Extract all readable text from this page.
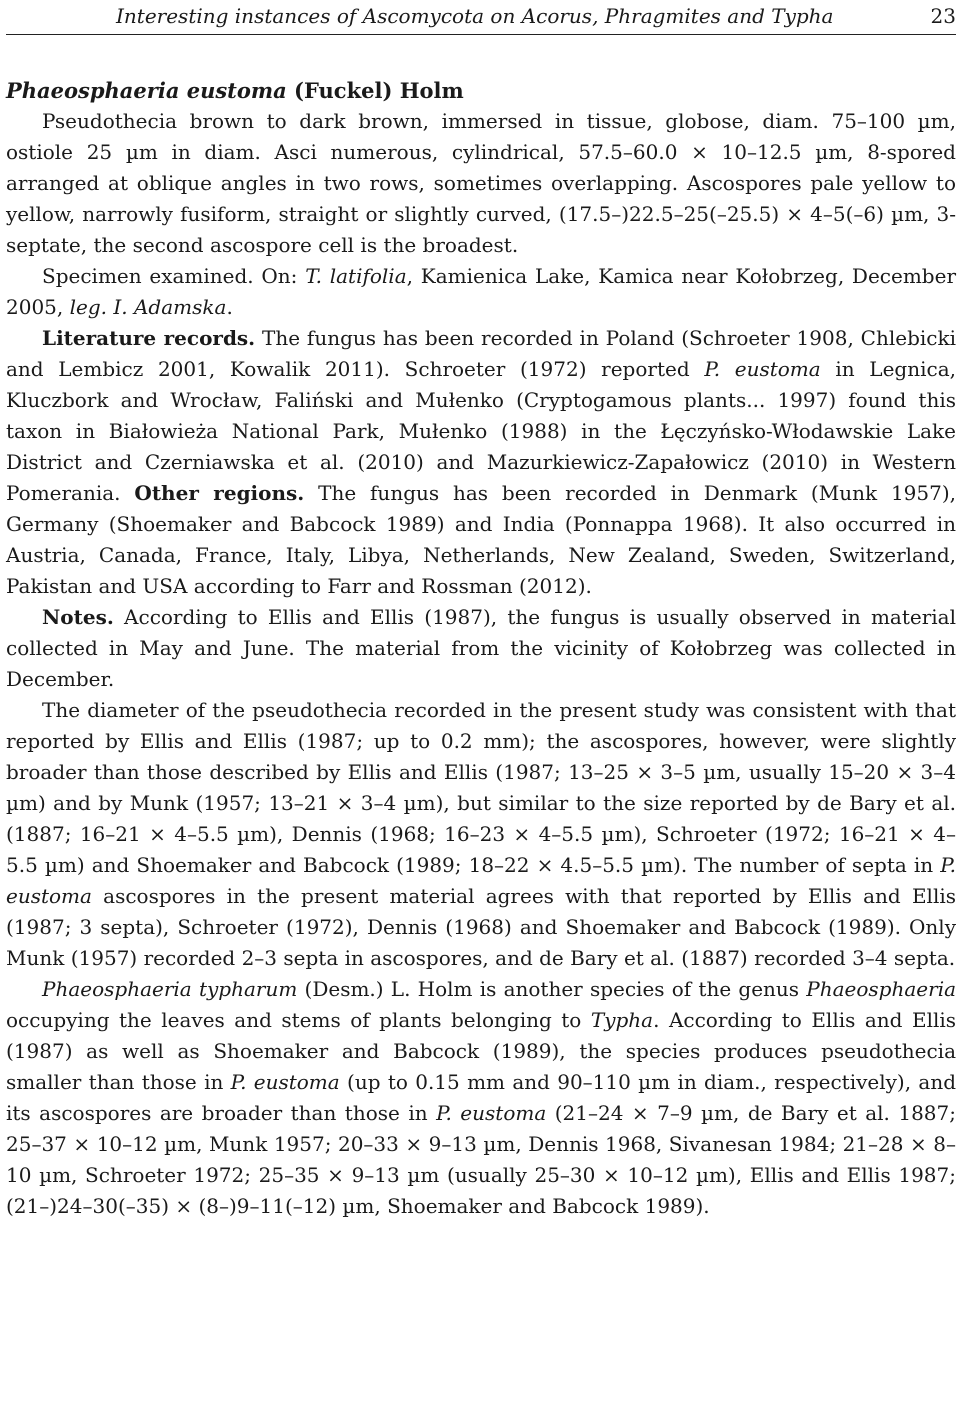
Interesting instances of Ascomycota on Acorus, Phragmites and Typha	23
Phaeosphaeria eustoma (Fuckel) Holm

Pseudothecia brown to dark brown, immersed in tissue, globose, diam. 75–100 µm, ostiole 25 µm in diam. Asci numerous, cylindrical, 57.5–60.0 × 10–12.5 µm, 8-spored arranged at oblique angles in two rows, sometimes overlapping. Ascospores pale yellow to yellow, narrowly fusiform, straight or slightly curved, (17.5–)22.5–25(–25.5) × 4–5(–6) µm, 3-septate, the second ascospore cell is the broadest.

Specimen examined. On: T. latifolia, Kamienica Lake, Kamica near Kołobrzeg, December 2005, leg. I. Adamska.

Literature records. The fungus has been recorded in Poland (Schroeter 1908, Chlebicki and Lembicz 2001, Kowalik 2011). Schroeter (1972) reported P. eustoma in Legnica, Kluczbork and Wrocław, Faliński and Mułenko (Cryptogamous plants... 1997) found this taxon in Białowieża National Park, Mułenko (1988) in the Łęczyńsko-Włodawskie Lake District and Czerniawska et al. (2010) and Mazurkiewicz-Zapałowicz (2010) in Western Pomerania. Other regions. The fungus has been recorded in Denmark (Munk 1957), Germany (Shoemaker and Babcock 1989) and India (Ponnappa 1968). It also occurred in Austria, Canada, France, Italy, Libya, Netherlands, New Zealand, Sweden, Switzerland, Pakistan and USA according to Farr and Rossman (2012).

Notes. According to Ellis and Ellis (1987), the fungus is usually observed in material collected in May and June. The material from the vicinity of Kołobrzeg was collected in December.

The diameter of the pseudothecia recorded in the present study was consistent with that reported by Ellis and Ellis (1987; up to 0.2 mm); the ascospores, however, were slightly broader than those described by Ellis and Ellis (1987; 13–25 × 3–5 µm, usually 15–20 × 3–4 µm) and by Munk (1957; 13–21 × 3–4 µm), but similar to the size reported by de Bary et al. (1887; 16–21 × 4–5.5 µm), Dennis (1968; 16–23 × 4–5.5 µm), Schroeter (1972; 16–21 × 4–5.5 µm) and Shoemaker and Babcock (1989; 18–22 × 4.5–5.5 µm). The number of septa in P. eustoma ascospores in the present material agrees with that reported by Ellis and Ellis (1987; 3 septa), Schroeter (1972), Dennis (1968) and Shoemaker and Babcock (1989). Only Munk (1957) recorded 2–3 septa in ascospores, and de Bary et al. (1887) recorded 3–4 septa.

Phaeosphaeria typharum (Desm.) L. Holm is another species of the genus Phaeosphaeria occupying the leaves and stems of plants belonging to Typha. According to Ellis and Ellis (1987) as well as Shoemaker and Babcock (1989), the species produces pseudothecia smaller than those in P. eustoma (up to 0.15 mm and 90–110 µm in diam., respectively), and its ascospores are broader than those in P. eustoma (21–24 × 7–9 µm, de Bary et al. 1887; 25–37 × 10–12 µm, Munk 1957; 20–33 × 9–13 µm, Dennis 1968, Sivanesan 1984; 21–28 × 8–10 µm, Schroeter 1972; 25–35 × 9–13 µm (usually 25–30 × 10–12 µm), Ellis and Ellis 1987; (21–)24–30(–35) × (8–)9–11(–12) µm, Shoemaker and Babcock 1989).
